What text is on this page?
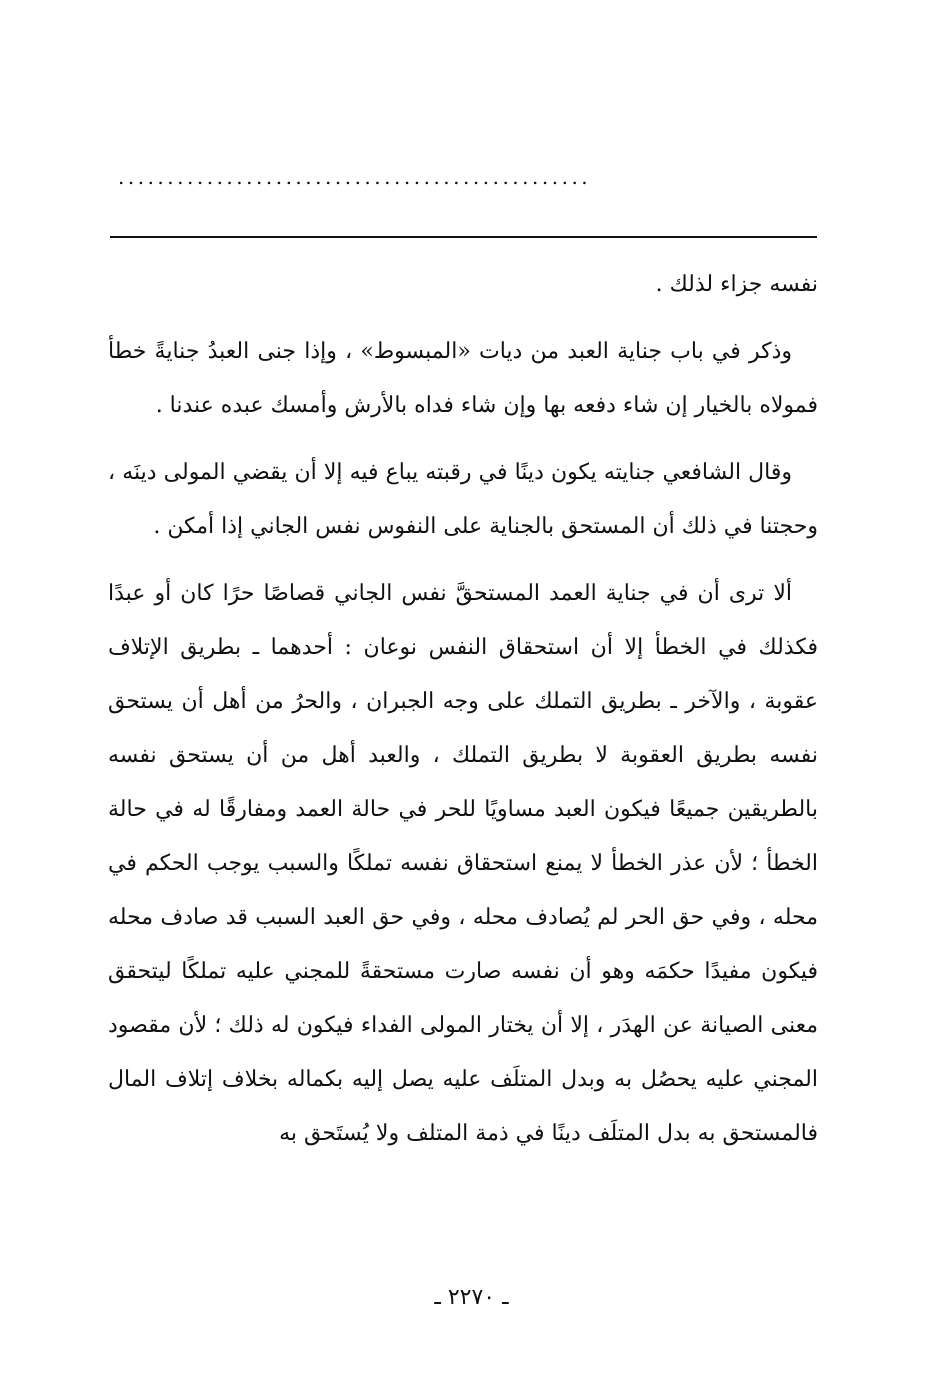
................................................

نفسه جزاء لذلك .

وذكر في باب جناية العبد من ديات «المبسوط» ، وإذا جنى العبدُ جنايةً خطأ فمولاه بالخيار إن شاء دفعه بها وإن شاء فداه بالأرش وأمسك عبده عندنا .

وقال الشافعي جنايته يكون دينًا في رقبته يباع فيه إلا أن يقضي المولى دينَه ، وحجتنا في ذلك أن المستحق بالجناية على النفوس نفس الجاني إذا أمكن .

ألا ترى أن في جناية العمد المستحقَّ نفس الجاني قصاصًا حرًا كان أو عبدًا فكذلك في الخطأ إلا أن استحقاق النفس نوعان : أحدهما ـ بطريق الإتلاف عقوبة ، والآخر ـ بطريق التملك على وجه الجبران ، والحرُ من أهل أن يستحق نفسه بطريق العقوبة لا بطريق التملك ، والعبد أهل من أن يستحق نفسه بالطريقين جميعًا فيكون العبد مساويًا للحر في حالة العمد ومفارقًا له في حالة الخطأ ؛ لأن عذر الخطأ لا يمنع استحقاق نفسه تملكًا والسبب يوجب الحكم في محله ، وفي حق الحر لم يُصادف محله ، وفي حق العبد السبب قد صادف محله فيكون مفيدًا حكمَه وهو أن نفسه صارت مستحقةً للمجني عليه تملكًا ليتحقق معنى الصيانة عن الهدَر ، إلا أن يختار المولى الفداء فيكون له ذلك ؛ لأن مقصود المجني عليه يحصُل به وبدل المتلَف عليه يصل إليه بكماله بخلاف إتلاف المال فالمستحق به بدل المتلَف دينًا في ذمة المتلف ولا يُستَحق به

ـ ٢٢٧٠ ـ
